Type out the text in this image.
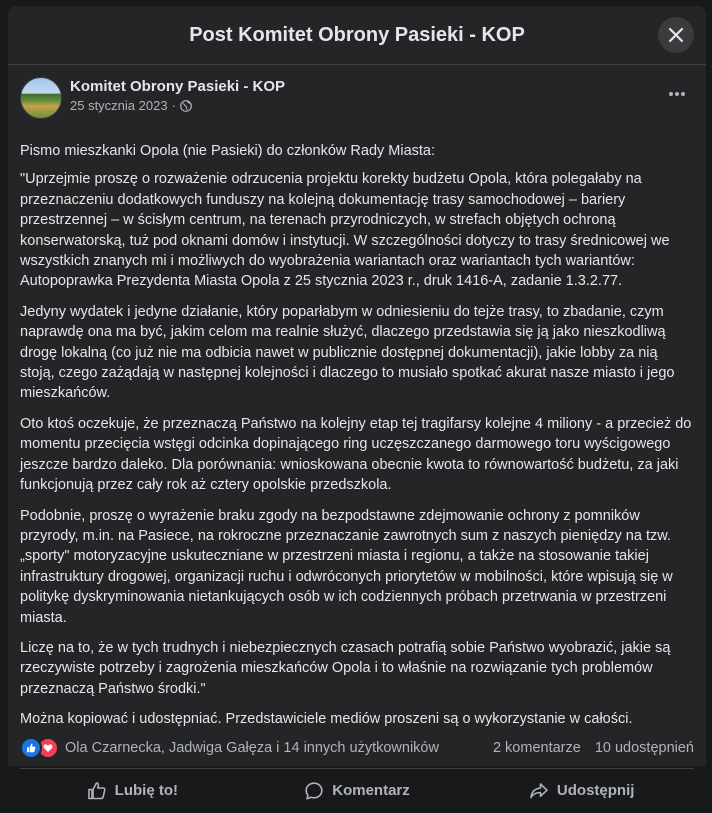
Post Komitet Obrony Pasieki - KOP
Komitet Obrony Pasieki - KOP
25 stycznia 2023 ·

Pismo mieszkanki Opola (nie Pasieki) do członków Rady Miasta:

"Uprzejmie proszę o rozważenie odrzucenia projektu korekty budżetu Opola, która polegałaby na przeznaczeniu dodatkowych funduszy na kolejną dokumentację trasy samochodowej – bariery przestrzennej – w ścisłym centrum, na terenach przyrodniczych, w strefach objętych ochroną konserwatorską, tuż pod oknami domów i instytucji. W szczególności dotyczy to trasy średnicowej we wszystkich znanych mi i możliwych do wyobrażenia wariantach oraz wariantach tych wariantów: Autopoprawka Prezydenta Miasta Opola z 25 stycznia 2023 r., druk 1416-A, zadanie 1.3.2.77.

Jedyny wydatek i jedyne działanie, który poparłabym w odniesieniu do tejże trasy, to zbadanie, czym naprawdę ona ma być, jakim celom ma realnie służyć, dlaczego przedstawia się ją jako nieszkodliwą drogę lokalną (co już nie ma odbicia nawet w publicznie dostępnej dokumentacji), jakie lobby za nią stoją, czego zażądają w następnej kolejności i dlaczego to musiało spotkać akurat nasze miasto i jego mieszkańców.

Oto ktoś oczekuje, że przeznaczą Państwo na kolejny etap tej tragifarsy kolejne 4 miliony - a przecież do momentu przecięcia wstęgi odcinka dopinającego ring uczęszczanego darmowego toru wyścigowego jeszcze bardzo daleko. Dla porównania: wnioskowana obecnie kwota to równowartość budżetu, za jaki funkcjonują przez cały rok aż cztery opolskie przedszkola.

Podobnie, proszę o wyrażenie braku zgody na bezpodstawne zdejmowanie ochrony z pomników przyrody, m.in. na Pasiece, na rokroczne przeznaczanie zawrotnych sum z naszych pieniędzy na tzw. „sporty" motoryzacyjne uskuteczniane w przestrzeni miasta i regionu, a także na stosowanie takiej infrastruktury drogowej, organizacji ruchu i odwróconych priorytetów w mobilności, które wpisują się w politykę dyskryminowania nietankujących osób w ich codziennych próbach przetrwania w przestrzeni miasta.

Liczę na to, że w tych trudnych i niebezpiecznych czasach potrafią sobie Państwo wyobrazić, jakie są rzeczywiste potrzeby i zagrożenia mieszkańców Opola i to właśnie na rozwiązanie tych problemów przeznaczą Państwo środki."

Można kopiować i udostępniać. Przedstawiciele mediów proszeni są o wykorzystanie w całości.

Ola Czarnecka, Jadwiga Gałęza i 14 innych użytkowników	2 komentarze 10 udostępnień
Lubię to!	Komentarz	Udostępnij
